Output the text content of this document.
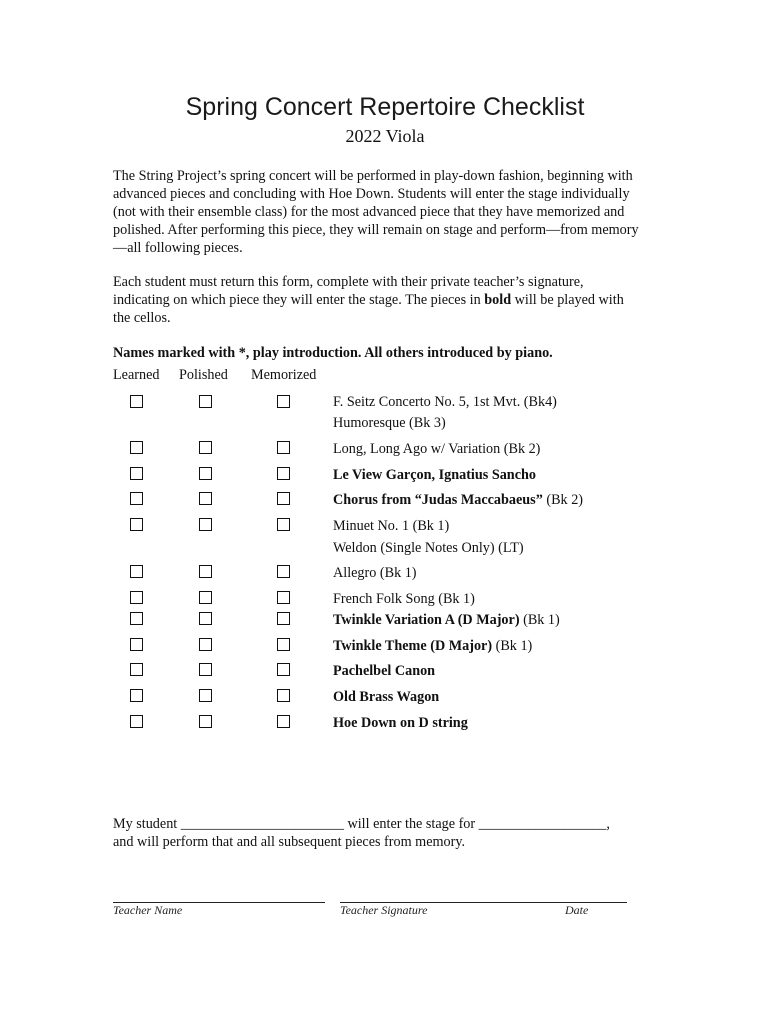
Spring Concert Repertoire Checklist
2022 Viola

The String Project’s spring concert will be performed in play-down fashion, beginning with advanced pieces and concluding with Hoe Down. Students will enter the stage individually (not with their ensemble class) for the most advanced piece that they have memorized and polished. After performing this piece, they will remain on stage and perform—from memory—all following pieces.

Each student must return this form, complete with their private teacher’s signature, indicating on which piece they will enter the stage. The pieces in bold will be played with the cellos.

Names marked with *, play introduction. All others introduced by piano.
Learned Polished Memorized
F. Seitz Concerto No. 5, 1st Mvt. (Bk4)
Humoresque (Bk 3)
Long, Long Ago w/ Variation (Bk 2)
Le View Garçon, Ignatius Sancho
Chorus from “Judas Maccabaeus” (Bk 2)
Minuet No. 1 (Bk 1)
Weldon (Single Notes Only) (LT)
Allegro (Bk 1)
French Folk Song (Bk 1)
Twinkle Variation A (D Major) (Bk 1)
Twinkle Theme (D Major) (Bk 1)
Pachelbel Canon
Old Brass Wagon
Hoe Down on D string
My student _______________________ will enter the stage for __________________,
and will perform that and all subsequent pieces from memory.
Teacher Name	Teacher Signature	Date
